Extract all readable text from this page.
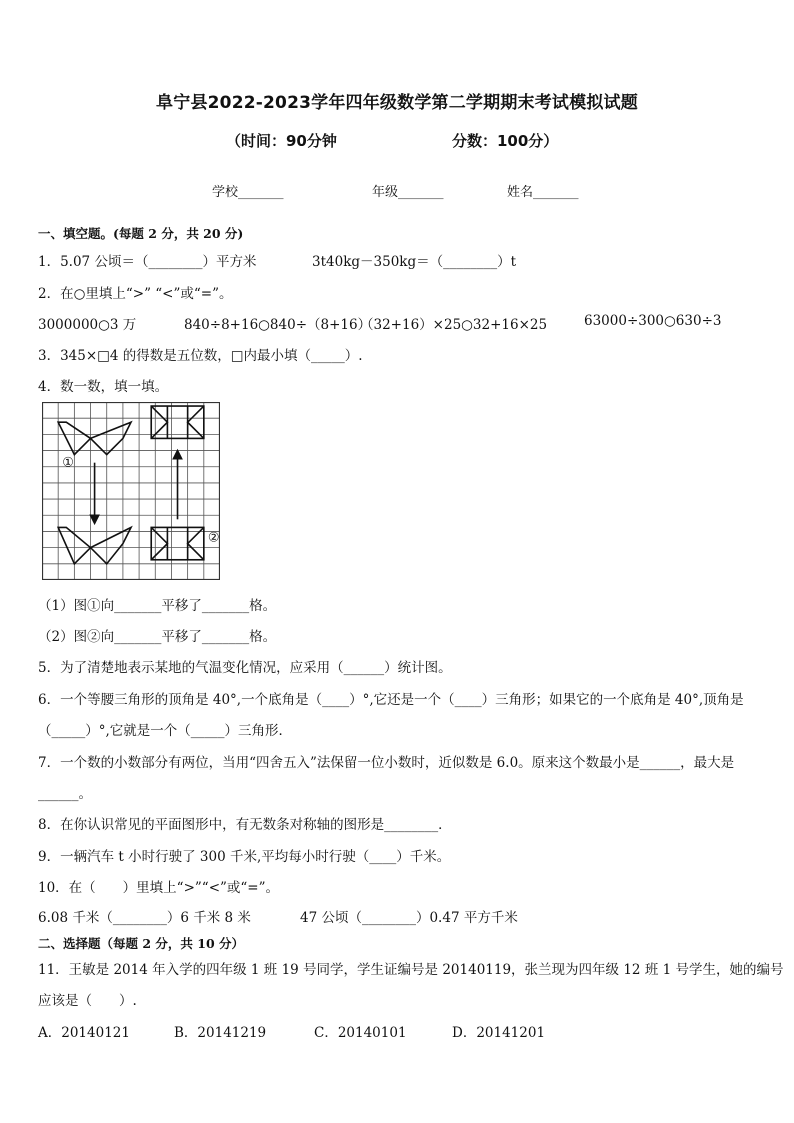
阜宁县2022-2023学年四年级数学第二学期期末考试模拟试题
（时间：90分钟	分数：100分）
学校_______	年级_______	姓名_______
一、填空题。(每题 2 分，共 20 分)
1．5.07 公顷＝（________）平方米	3t40kg－350kg＝（________）t
2．在○里填上“>” “<”或“=”。
3000000○3 万	840÷8+16○840÷（8+16）
（32+16）×25○32+16×25	63000÷300○630÷3
3．345×□4 的得数是五位数，□内最小填（_____）.
4．数一数，填一填。
①
②
（1）图①向_______平移了_______格。
（2）图②向_______平移了_______格。
5．为了清楚地表示某地的气温变化情况，应采用（______）统计图。
6．一个等腰三角形的顶角是 40°,一个底角是（____）°,它还是一个（____）三角形；如果它的一个底角是 40°,顶角是
（_____）°,它就是一个（_____）三角形．
7．一个数的小数部分有两位，当用“四舍五入”法保留一位小数时，近似数是 6.0。原来这个数最小是______，最大是
______。
8．在你认识常见的平面图形中，有无数条对称轴的图形是________．
9．一辆汽车 t 小时行驶了 300 千米,平均每小时行驶（____）千米。
10．在（　　）里填上“>”“<”或“=”。
6.08 千米（________）6 千米 8 米	47 公顷（________）0.47 平方千米
二、选择题（每题 2 分，共 10 分）
11．王敏是 2014 年入学的四年级 1 班 19 号同学，学生证编号是 20140119，张兰现为四年级 12 班 1 号学生，她的编号
应该是（　　）.
A．20140121	B．20141219	C．20140101	D．20141201
